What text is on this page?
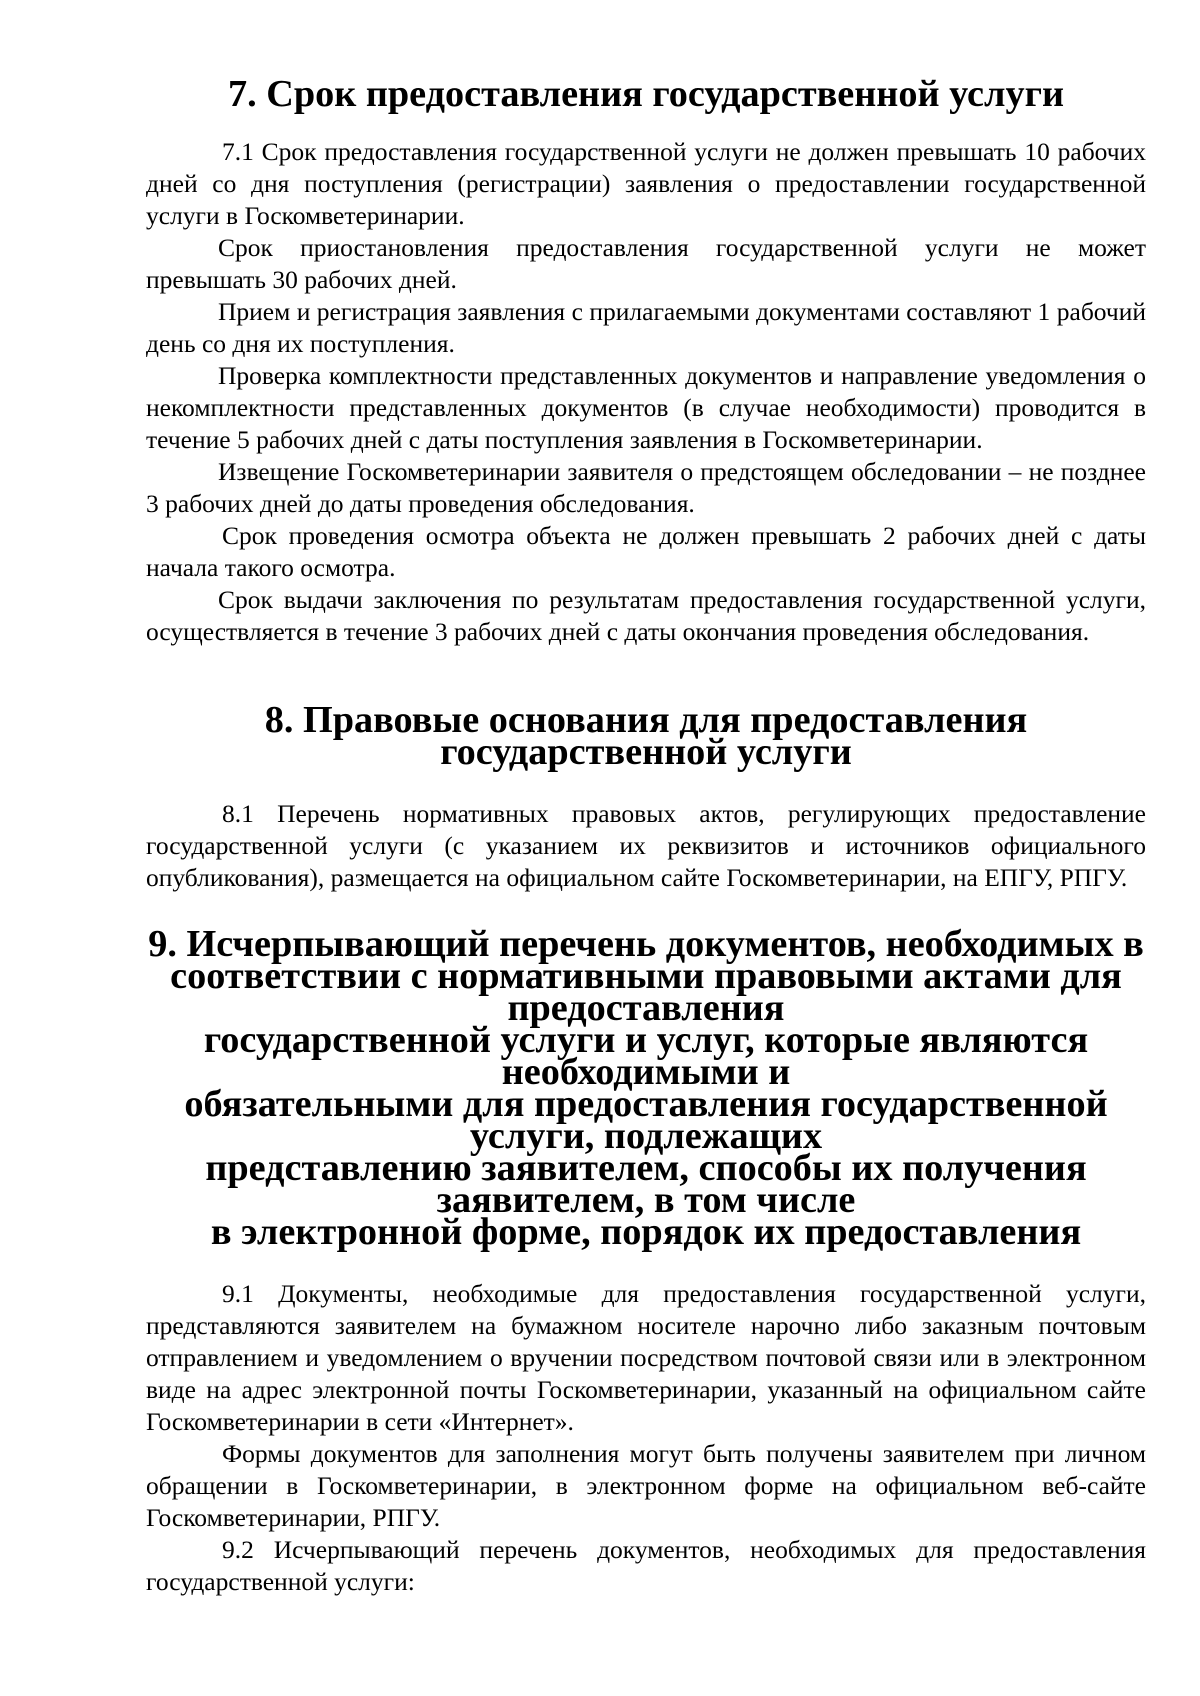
7. Срок предоставления государственной услуги

7.1 Срок предоставления государственной услуги не должен превышать 10 рабочих дней со дня поступления (регистрации) заявления о предоставлении государственной услуги в Госкомветеринарии.

Срок приостановления предоставления государственной услуги не может превышать 30 рабочих дней.

Прием и регистрация заявления с прилагаемыми документами составляют 1 рабочий день со дня их поступления.

Проверка комплектности представленных документов и направление уведомления о некомплектности представленных документов (в случае необходимости) проводится в течение 5 рабочих дней с даты поступления заявления в Госкомветеринарии.

Извещение Госкомветеринарии заявителя о предстоящем обследовании – не позднее 3 рабочих дней до даты проведения обследования.

Срок проведения осмотра объекта не должен превышать 2 рабочих дней с даты начала такого осмотра.

Срок выдачи заключения по результатам предоставления государственной услуги, осуществляется в течение 3 рабочих дней с даты окончания проведения обследования.

8. Правовые основания для предоставления государственной услуги

8.1 Перечень нормативных правовых актов, регулирующих предоставление государственной услуги (с указанием их реквизитов и источников официального опубликования), размещается на официальном сайте Госкомветеринарии, на ЕПГУ, РПГУ.

9. Исчерпывающий перечень документов, необходимых в
соответствии с нормативными правовыми актами для предоставления
государственной услуги и услуг, которые являются необходимыми и
обязательными для предоставления государственной услуги, подлежащих
представлению заявителем, способы их получения заявителем, в том числе
в электронной форме, порядок их предоставления

9.1 Документы, необходимые для предоставления государственной услуги, представляются заявителем на бумажном носителе нарочно либо заказным почтовым отправлением и уведомлением о вручении посредством почтовой связи или в электронном виде на адрес электронной почты Госкомветеринарии, указанный на официальном сайте Госкомветеринарии в сети «Интернет».

Формы документов для заполнения могут быть получены заявителем при личном обращении в Госкомветеринарии, в электронном форме на официальном веб-сайте Госкомветеринарии, РПГУ.

9.2 Исчерпывающий перечень документов, необходимых для предоставления государственной услуги:
